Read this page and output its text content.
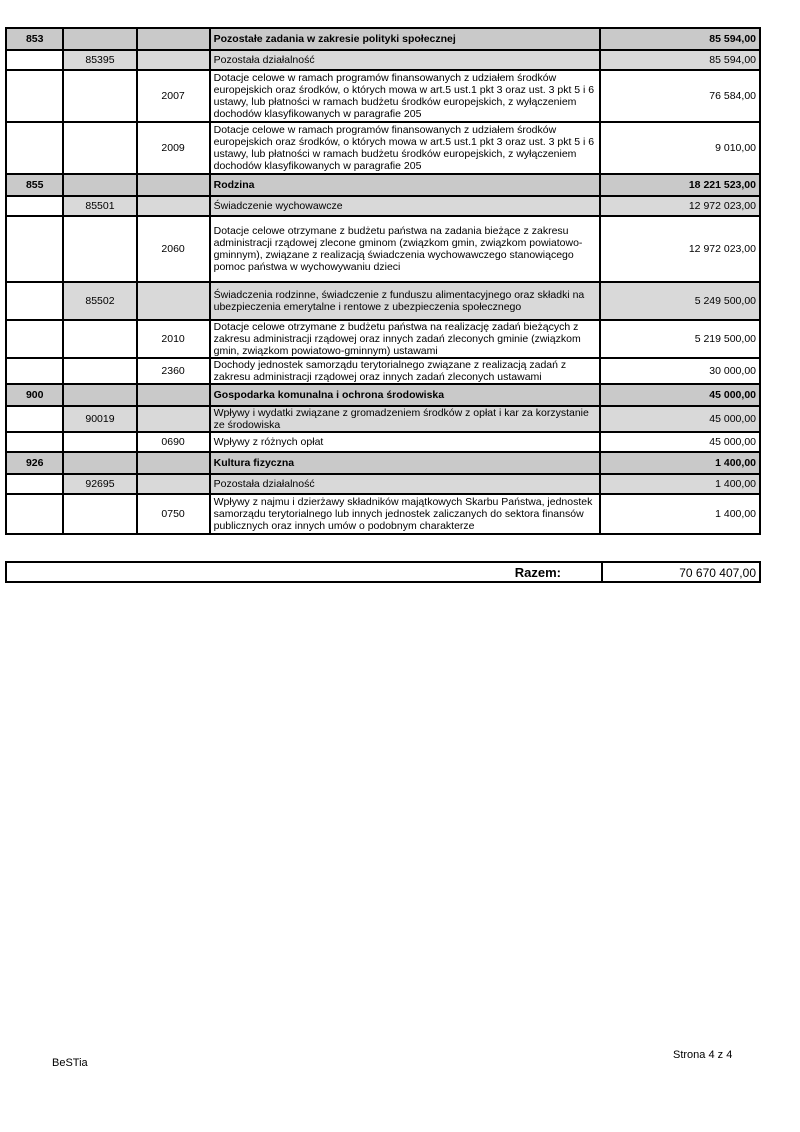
853			Pozostałe zadania w zakresie polityki społecznej	85 594,00
	85395		Pozostała działalność	85 594,00
		2007	Dotacje celowe w ramach programów finansowanych z udziałem środków europejskich oraz środków, o których mowa w art.5 ust.1 pkt 3 oraz ust. 3 pkt 5 i 6 ustawy, lub płatności w ramach budżetu środków europejskich, z wyłączeniem dochodów klasyfikowanych w paragrafie 205	76 584,00
		2009	Dotacje celowe w ramach programów finansowanych z udziałem środków europejskich oraz środków, o których mowa w art.5 ust.1 pkt 3 oraz ust. 3 pkt 5 i 6 ustawy, lub płatności w ramach budżetu środków europejskich, z wyłączeniem dochodów klasyfikowanych w paragrafie 205	9 010,00
855			Rodzina	18 221 523,00
	85501		Świadczenie wychowawcze	12 972 023,00
		2060	Dotacje celowe otrzymane z budżetu państwa na zadania bieżące z zakresu administracji rządowej zlecone gminom (związkom gmin, związkom powiatowo-gminnym), związane z realizacją świadczenia wychowawczego stanowiącego pomoc państwa w wychowywaniu dzieci	12 972 023,00
	85502		Świadczenia rodzinne, świadczenie z funduszu alimentacyjnego oraz składki na ubezpieczenia emerytalne i rentowe z ubezpieczenia społecznego	5 249 500,00
		2010	Dotacje celowe otrzymane z budżetu państwa na realizację zadań bieżących z zakresu administracji rządowej oraz innych zadań zleconych gminie (związkom gmin, związkom powiatowo-gminnym) ustawami	5 219 500,00
		2360	Dochody jednostek samorządu terytorialnego związane z realizacją zadań z zakresu administracji rządowej oraz innych zadań zleconych ustawami	30 000,00
900			Gospodarka komunalna i ochrona środowiska	45 000,00
	90019		Wpływy i wydatki związane z gromadzeniem środków z opłat i kar za korzystanie ze środowiska	45 000,00
		0690	Wpływy z różnych opłat	45 000,00
926			Kultura fizyczna	1 400,00
	92695		Pozostała działalność	1 400,00
		0750	Wpływy z najmu i dzierżawy składników majątkowych Skarbu Państwa, jednostek samorządu terytorialnego lub innych jednostek zaliczanych do sektora finansów publicznych oraz innych umów o podobnym charakterze	1 400,00
Razem:	70 670 407,00
BeSTia
Strona 4 z 4
